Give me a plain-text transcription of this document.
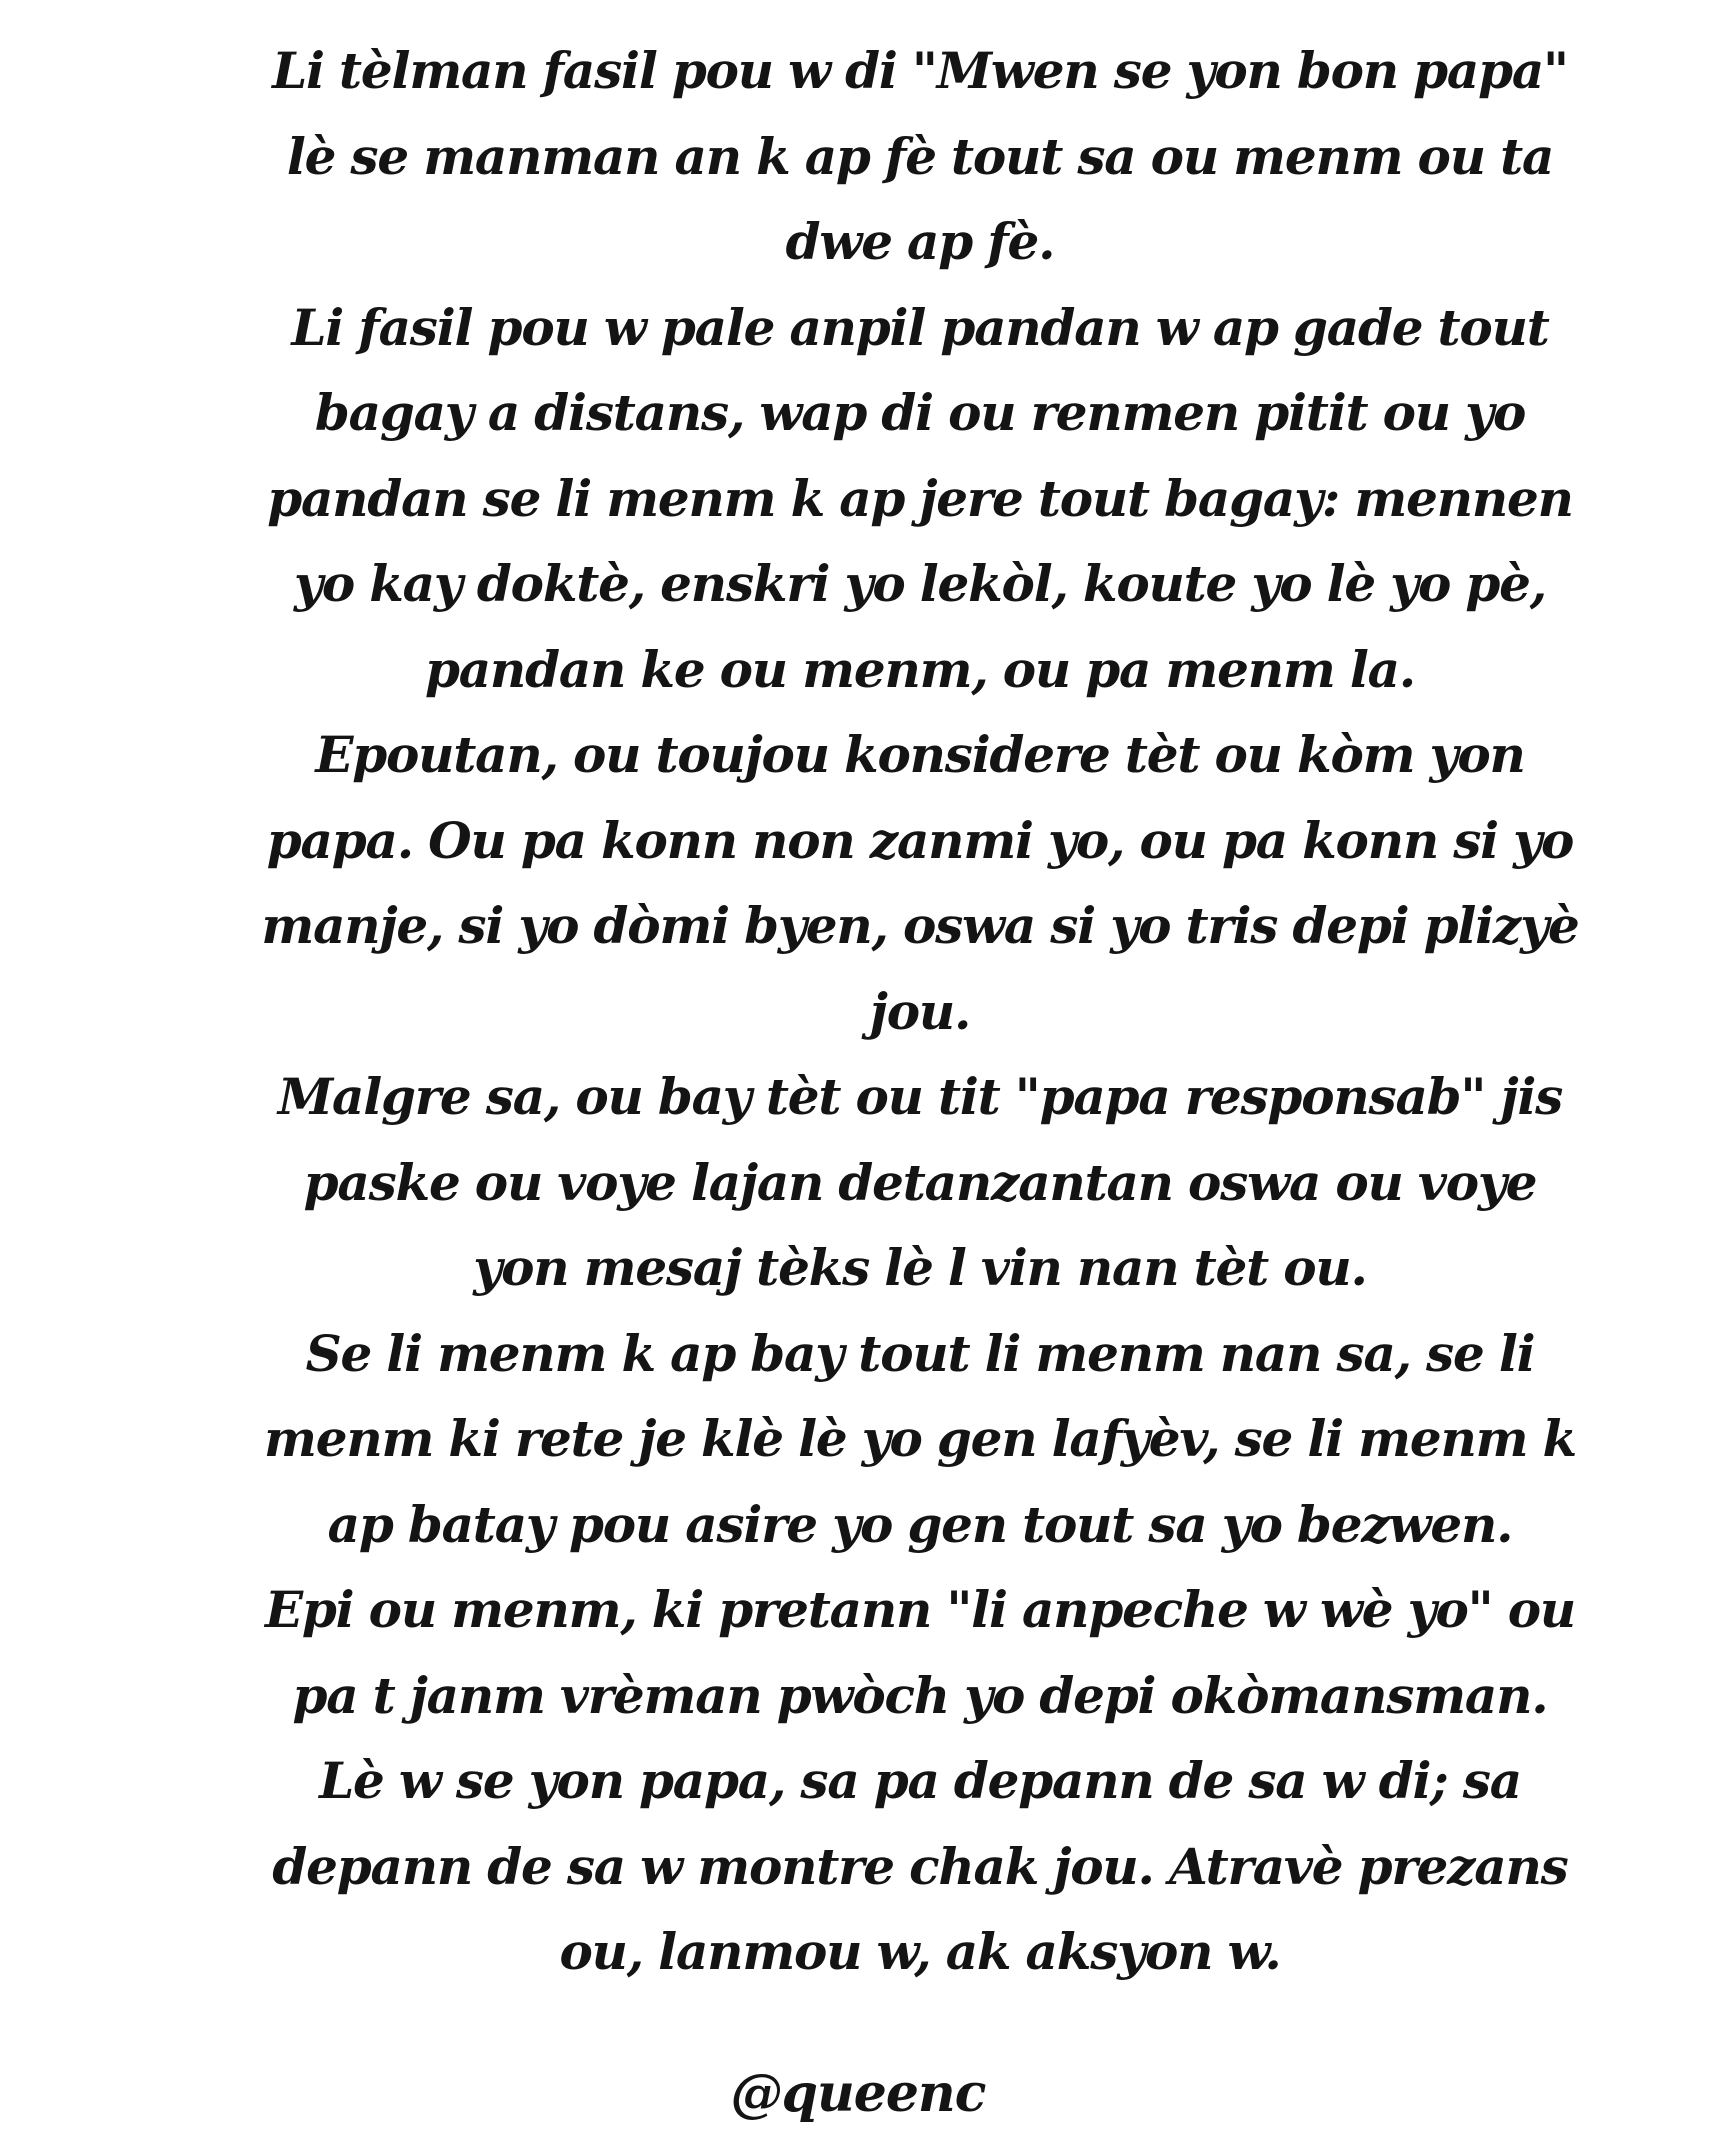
Li tèlman fasil pou w di "Mwen se yon bon papa"
lè se manman an k ap fè tout sa ou menm ou ta
dwe ap fè.
Li fasil pou w pale anpil pandan w ap gade tout
bagay a distans, wap di ou renmen pitit ou yo
pandan se li menm k ap jere tout bagay: mennen
yo kay doktè, enskri yo lekòl, koute yo lè yo pè,
pandan ke ou menm, ou pa menm la.
Epoutan, ou toujou konsidere tèt ou kòm yon
papa. Ou pa konn non zanmi yo, ou pa konn si yo
manje, si yo dòmi byen, oswa si yo tris depi plizyè
jou.
Malgre sa, ou bay tèt ou tit "papa responsab" jis
paske ou voye lajan detanzantan oswa ou voye
yon mesaj tèks lè l vin nan tèt ou.
Se li menm k ap bay tout li menm nan sa, se li
menm ki rete je klè lè yo gen lafyèv, se li menm k
ap batay pou asire yo gen tout sa yo bezwen.
Epi ou menm, ki pretann "li anpeche w wè yo" ou
pa t janm vrèman pwòch yo depi okòmansman.
Lè w se yon papa, sa pa depann de sa w di; sa
depann de sa w montre chak jou. Atravè prezans
ou, lanmou w, ak aksyon w.
@queenc
